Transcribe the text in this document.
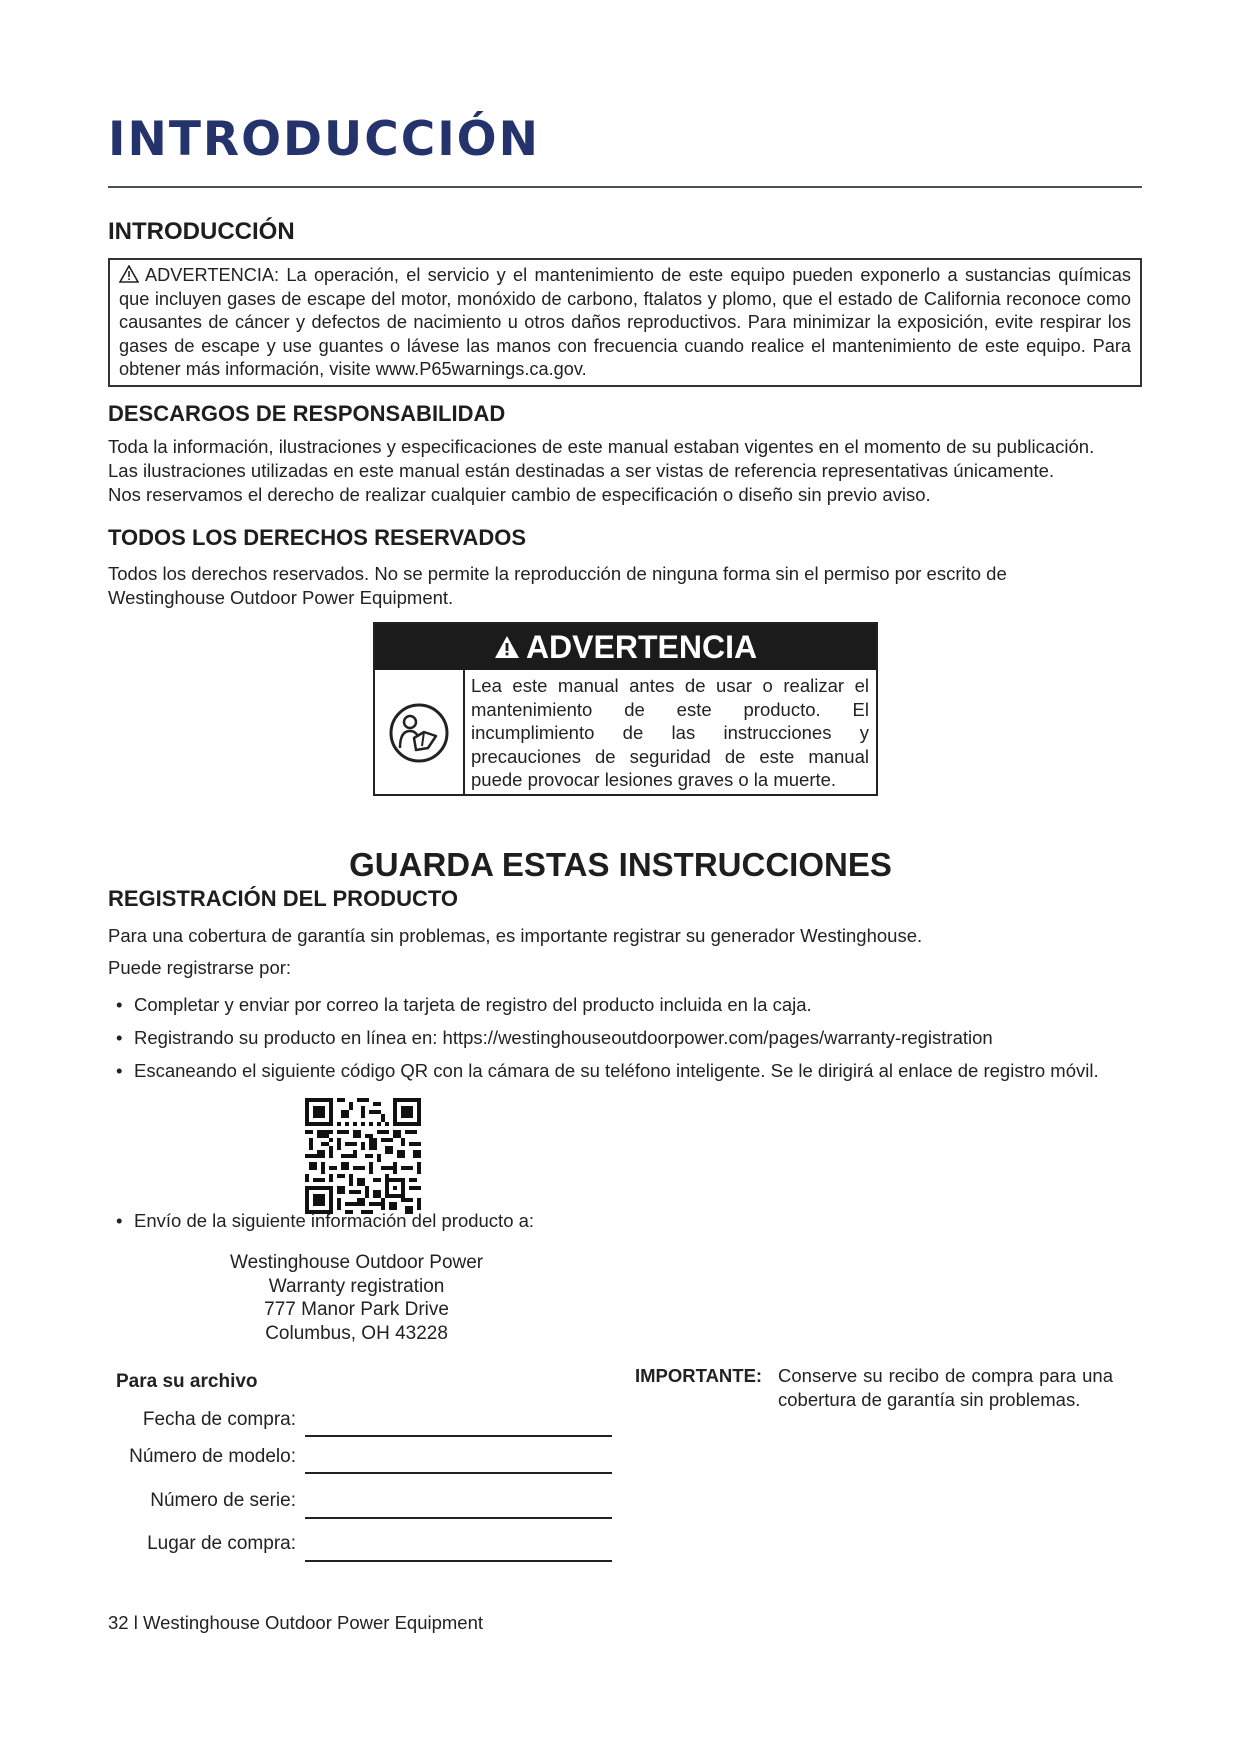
INTRODUCCIÓN
INTRODUCCIÓN
ADVERTENCIA: La operación, el servicio y el mantenimiento de este equipo pueden exponerlo a sustancias químicas que incluyen gases de escape del motor, monóxido de carbono, ftalatos y plomo, que el estado de California reconoce como causantes de cáncer y defectos de nacimiento u otros daños reproductivos. Para minimizar la exposición, evite respirar los gases de escape y use guantes o lávese las manos con frecuencia cuando realice el mantenimiento de este equipo. Para obtener más información, visite www.P65warnings.ca.gov.
DESCARGOS DE RESPONSABILIDAD
Toda la información, ilustraciones y especificaciones de este manual estaban vigentes en el momento de su publicación.
Las ilustraciones utilizadas en este manual están destinadas a ser vistas de referencia representativas únicamente.
Nos reservamos el derecho de realizar cualquier cambio de especificación o diseño sin previo aviso.
TODOS LOS DERECHOS RESERVADOS
Todos los derechos reservados. No se permite la reproducción de ninguna forma sin el permiso por escrito de Westinghouse Outdoor Power Equipment.
ADVERTENCIA
Lea este manual antes de usar o realizar el mantenimiento de este producto. El incumplimiento de las instrucciones y precauciones de seguridad de este manual puede provocar lesiones graves o la muerte.
GUARDA ESTAS INSTRUCCIONES
REGISTRACIÓN DEL PRODUCTO
Para una cobertura de garantía sin problemas, es importante registrar su generador Westinghouse.
Puede registrarse por:
• Completar y enviar por correo la tarjeta de registro del producto incluida en la caja.
• Registrando su producto en línea en: https://westinghouseoutdoorpower.com/pages/warranty-registration
• Escaneando el siguiente código QR con la cámara de su teléfono inteligente. Se le dirigirá al enlace de registro móvil.
• Envío de la siguiente información del producto a:
Westinghouse Outdoor Power
Warranty registration
777 Manor Park Drive
Columbus, OH 43228
Para su archivo
Fecha de compra:
Número de modelo:
Número de serie:
Lugar de compra:
IMPORTANTE: Conserve su recibo de compra para una cobertura de garantía sin problemas.
32 l Westinghouse Outdoor Power Equipment
